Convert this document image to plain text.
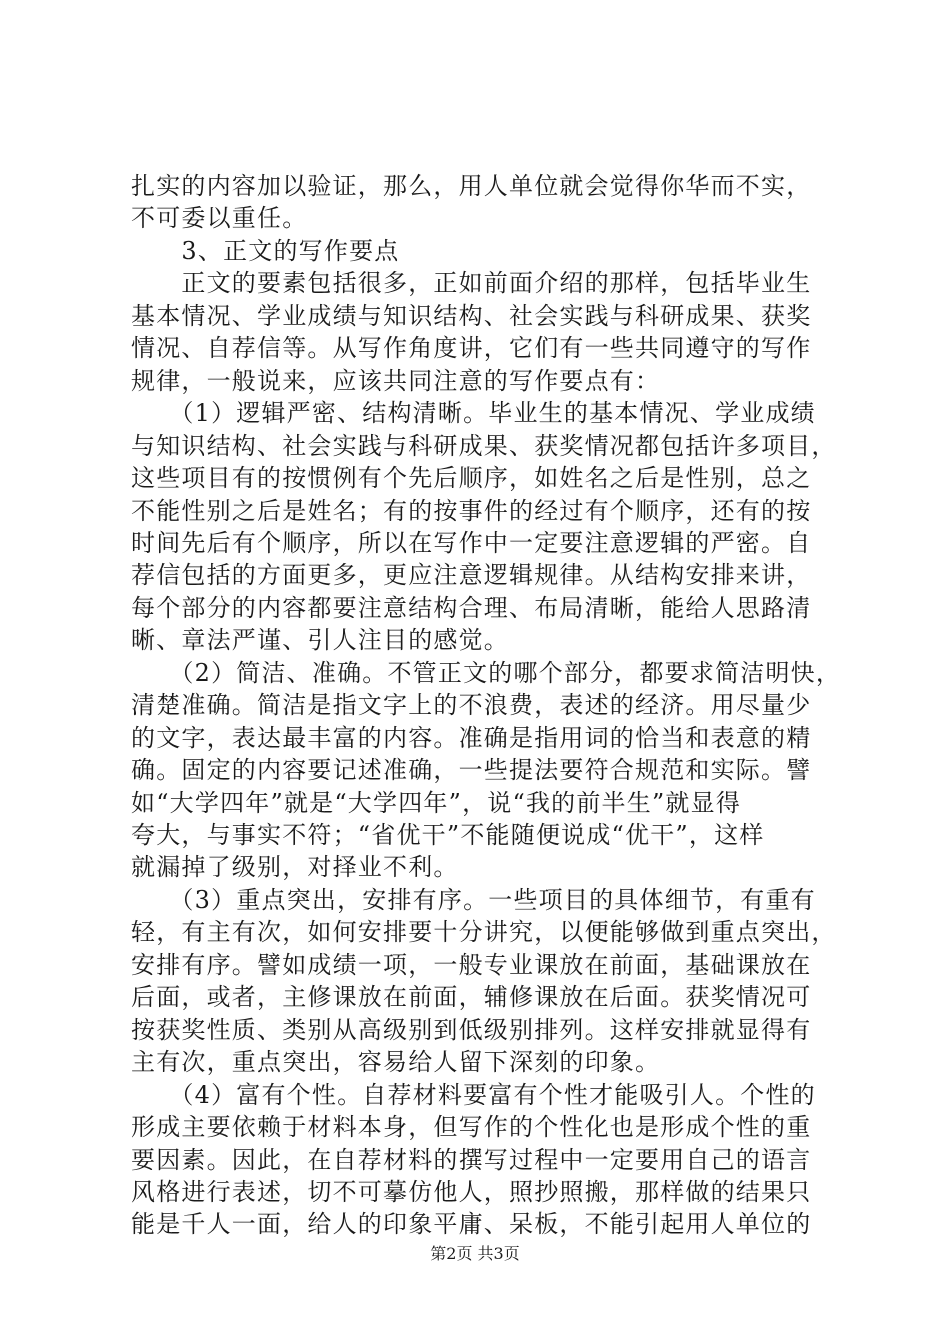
扎实的内容加以验证，那么，用人单位就会觉得你华而不实，
不可委以重任。
　　3、正文的写作要点
　　正文的要素包括很多，正如前面介绍的那样，包括毕业生
基本情况、学业成绩与知识结构、社会实践与科研成果、获奖
情况、自荐信等。从写作角度讲，它们有一些共同遵守的写作
规律，一般说来，应该共同注意的写作要点有：
　　（1）逻辑严密、结构清晰。毕业生的基本情况、学业成绩
与知识结构、社会实践与科研成果、获奖情况都包括许多项目，
这些项目有的按惯例有个先后顺序，如姓名之后是性别，总之
不能性别之后是姓名；有的按事件的经过有个顺序，还有的按
时间先后有个顺序，所以在写作中一定要注意逻辑的严密。自
荐信包括的方面更多，更应注意逻辑规律。从结构安排来讲，
每个部分的内容都要注意结构合理、布局清晰，能给人思路清
晰、章法严谨、引人注目的感觉。
　　（2）简洁、准确。不管正文的哪个部分，都要求简洁明快，
清楚准确。简洁是指文字上的不浪费，表述的经济。用尽量少
的文字，表达最丰富的内容。准确是指用词的恰当和表意的精
确。固定的内容要记述准确，一些提法要符合规范和实际。譬
如“大学四年”就是“大学四年”，说“我的前半生”就显得
夸大，与事实不符；“省优干”不能随便说成“优干”，这样
就漏掉了级别，对择业不利。
　　（3）重点突出，安排有序。一些项目的具体细节，有重有
轻，有主有次，如何安排要十分讲究，以便能够做到重点突出，
安排有序。譬如成绩一项，一般专业课放在前面，基础课放在
后面，或者，主修课放在前面，辅修课放在后面。获奖情况可
按获奖性质、类别从高级别到低级别排列。这样安排就显得有
主有次，重点突出，容易给人留下深刻的印象。
　　（4）富有个性。自荐材料要富有个性才能吸引人。个性的
形成主要依赖于材料本身，但写作的个性化也是形成个性的重
要因素。因此，在自荐材料的撰写过程中一定要用自己的语言
风格进行表述，切不可摹仿他人，照抄照搬，那样做的结果只
能是千人一面，给人的印象平庸、呆板，不能引起用人单位的
第2页 共3页
